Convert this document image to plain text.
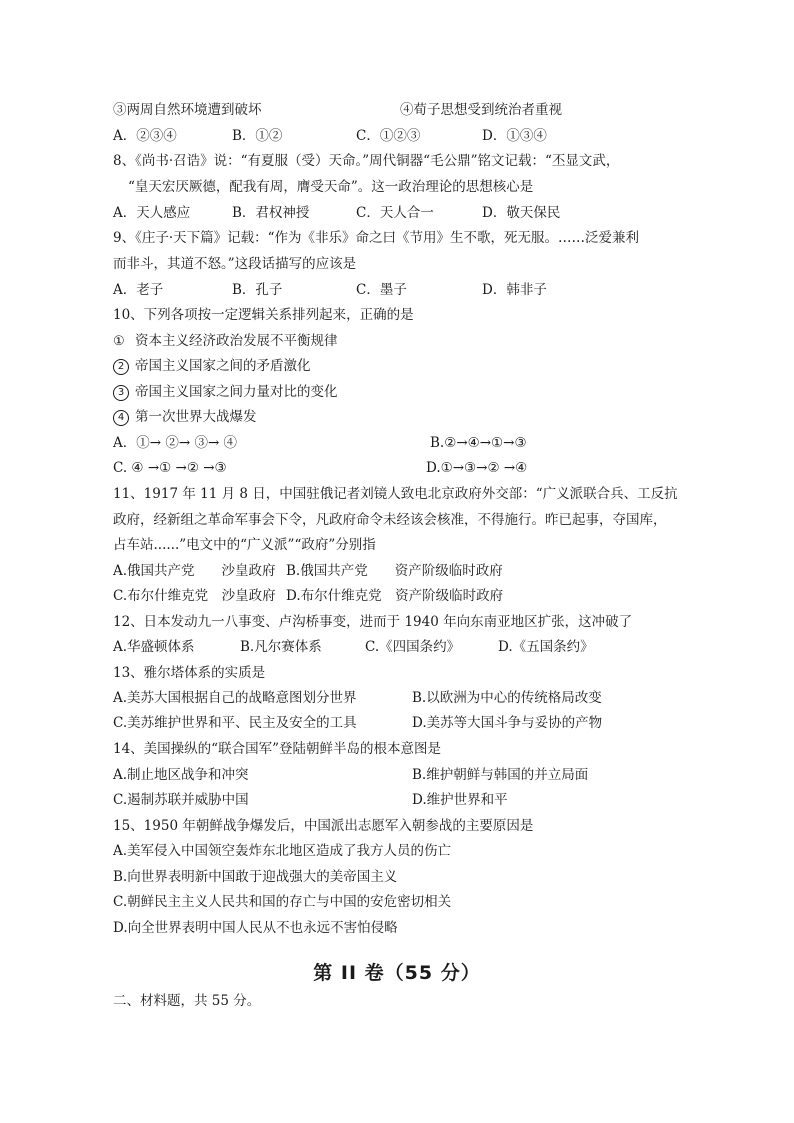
③两周自然环境遭到破坏	④荀子思想受到统治者重视
A．②③④	B．①②	C．①②③	D．①③④
8、《尚书·召诰》说：“有夏服（受）天命。”周代铜器“毛公鼎”铭文记载：“丕显文武，
“皇天宏厌厥德，配我有周，膺受天命”。这一政治理论的思想核心是
A．天人感应	B．君权神授	C．天人合一	D．敬天保民
9、《庄子·天下篇》记载：“作为《非乐》命之曰《节用》生不歌，死无服。……泛爱兼利
而非斗，其道不怒。”这段话描写的应该是
A．老子	B．孔子	C．墨子	D．韩非子
10、下列各项按一定逻辑关系排列起来，正确的是
① 资本主义经济政治发展不平衡规律
2 帝国主义国家之间的矛盾激化
3 帝国主义国家之间力量对比的变化
4 第一次世界大战爆发
A．①→ ②→ ③→ ④	B.②→④→①→③
C. ④ →① →② →③	D.①→③→② →④
11、1917 年 11 月 8 日，中国驻俄记者刘镜人致电北京政府外交部：“广义派联合兵、工反抗
政府，经新组之革命军事会下令，凡政府命令未经该会核准，不得施行。昨已起事，夺国库，
占车站......”电文中的“广义派”“政府”分别指
A.俄国共产党　　沙皇政府 B.俄国共产党　　资产阶级临时政府
C.布尔什维克党　沙皇政府 D.布尔什维克党　资产阶级临时政府
12、日本发动九一八事变、卢沟桥事变，进而于 1940 年向东南亚地区扩张，这冲破了
A.华盛顿体系	B.凡尔赛体系	C.《四国条约》	D.《五国条约》
13、雅尔塔体系的实质是
A.美苏大国根据自己的战略意图划分世界	B.以欧洲为中心的传统格局改变
C.美苏维护世界和平、民主及安全的工具	D.美苏等大国斗争与妥协的产物
14、美国操纵的“联合国军”登陆朝鲜半岛的根本意图是
A.制止地区战争和冲突	B.维护朝鲜与韩国的并立局面
C.遏制苏联并威胁中国	D.维护世界和平
15、1950 年朝鲜战争爆发后，中国派出志愿军入朝参战的主要原因是
A.美军侵入中国领空轰炸东北地区造成了我方人员的伤亡
B.向世界表明新中国敢于迎战强大的美帝国主义
C.朝鲜民主主义人民共和国的存亡与中国的安危密切相关
D.向全世界表明中国人民从不也永远不害怕侵略
第 II 卷（55 分）
二、材料题，共 55 分。
